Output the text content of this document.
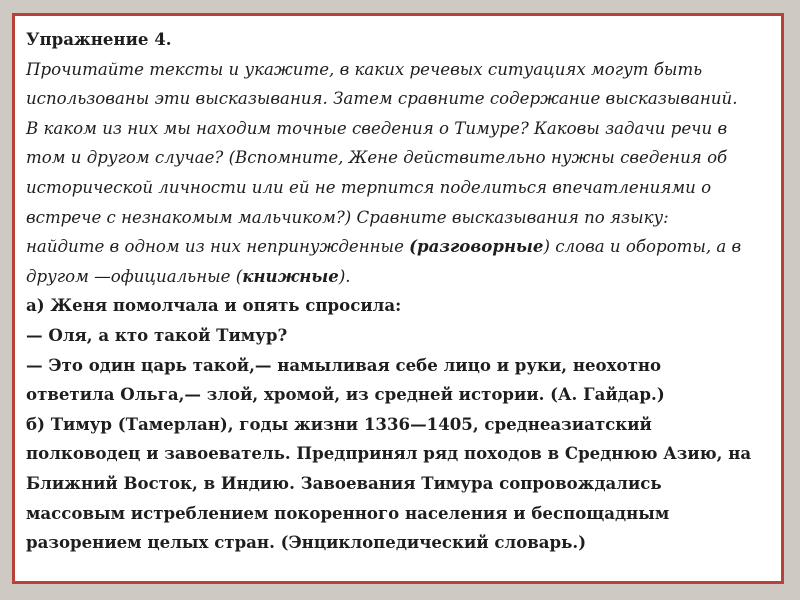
Упражнение 4.
Прочитайте тексты и укажите, в каких речевых ситуациях могут быть
использованы эти высказывания. Затем сравните содержание высказываний.
В каком из них мы находим точные сведения о Тимуре? Каковы задачи речи в
том и другом случае? (Вспомните, Жене действительно нужны сведения об
исторической личности или ей не терпится поделиться впечатлениями о
встрече с незнакомым мальчиком?) Сравните высказывания по языку:
найдите в одном из них непринужденные (разговорные) слова и обороты, а в
другом —официальные (книжные).
а) Женя помолчала и опять спросила:
— Оля, а кто такой Тимур?
— Это один царь такой,— намыливая себе лицо и руки, неохотно
ответила Ольга,— злой, хромой, из средней истории. (А. Гайдар.)
б) Тимур (Тамерлан), годы жизни 1336—1405, среднеазиатский
полководец и завоеватель. Предпринял ряд походов в Среднюю Азию, на
Ближний Восток, в Индию. Завоевания Тимура сопровождались
массовым истреблением покоренного населения и беспощадным
разорением целых стран. (Энциклопедический словарь.)
